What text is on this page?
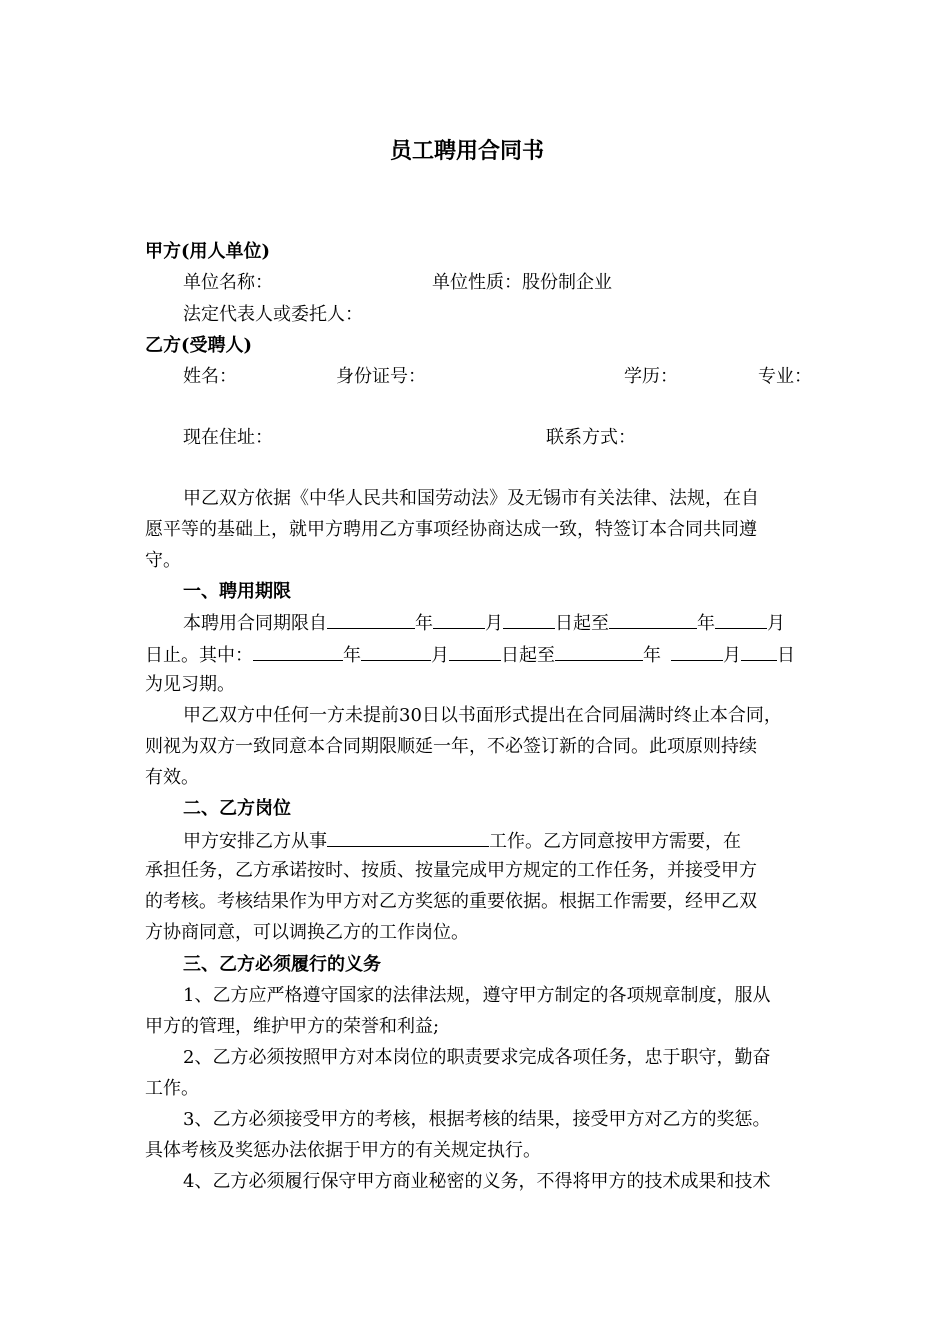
员工聘用合同书
甲方(用人单位)
单位名称：	单位性质：股份制企业
法定代表人或委托人：
乙方(受聘人)
姓名：	身份证号：	学历：	专业：
现在住址：	联系方式：
甲乙双方依据《中华人民共和国劳动法》及无锡市有关法律、法规，在自
愿平等的基础上，就甲方聘用乙方事项经协商达成一致，特签订本合同共同遵
守。
一、聘用期限
本聘用合同期限自	年	月	日起至	年	月
日止。其中：	年	月	日起至	年	月 日
为见习期。
甲乙双方中任何一方未提前30日以书面形式提出在合同届满时终止本合同，
则视为双方一致同意本合同期限顺延一年，不必签订新的合同。此项原则持续
有效。
二、乙方岗位
甲方安排乙方从事	工作。乙方同意按甲方需要，在
承担任务，乙方承诺按时、按质、按量完成甲方规定的工作任务，并接受甲方
的考核。考核结果作为甲方对乙方奖惩的重要依据。根据工作需要，经甲乙双
方协商同意，可以调换乙方的工作岗位。
三、乙方必须履行的义务
1、乙方应严格遵守国家的法律法规，遵守甲方制定的各项规章制度，服从
甲方的管理，维护甲方的荣誉和利益;
2、乙方必须按照甲方对本岗位的职责要求完成各项任务，忠于职守，勤奋
工作。
3、乙方必须接受甲方的考核，根据考核的结果，接受甲方对乙方的奖惩。
具体考核及奖惩办法依据于甲方的有关规定执行。
4、乙方必须履行保守甲方商业秘密的义务，不得将甲方的技术成果和技术
